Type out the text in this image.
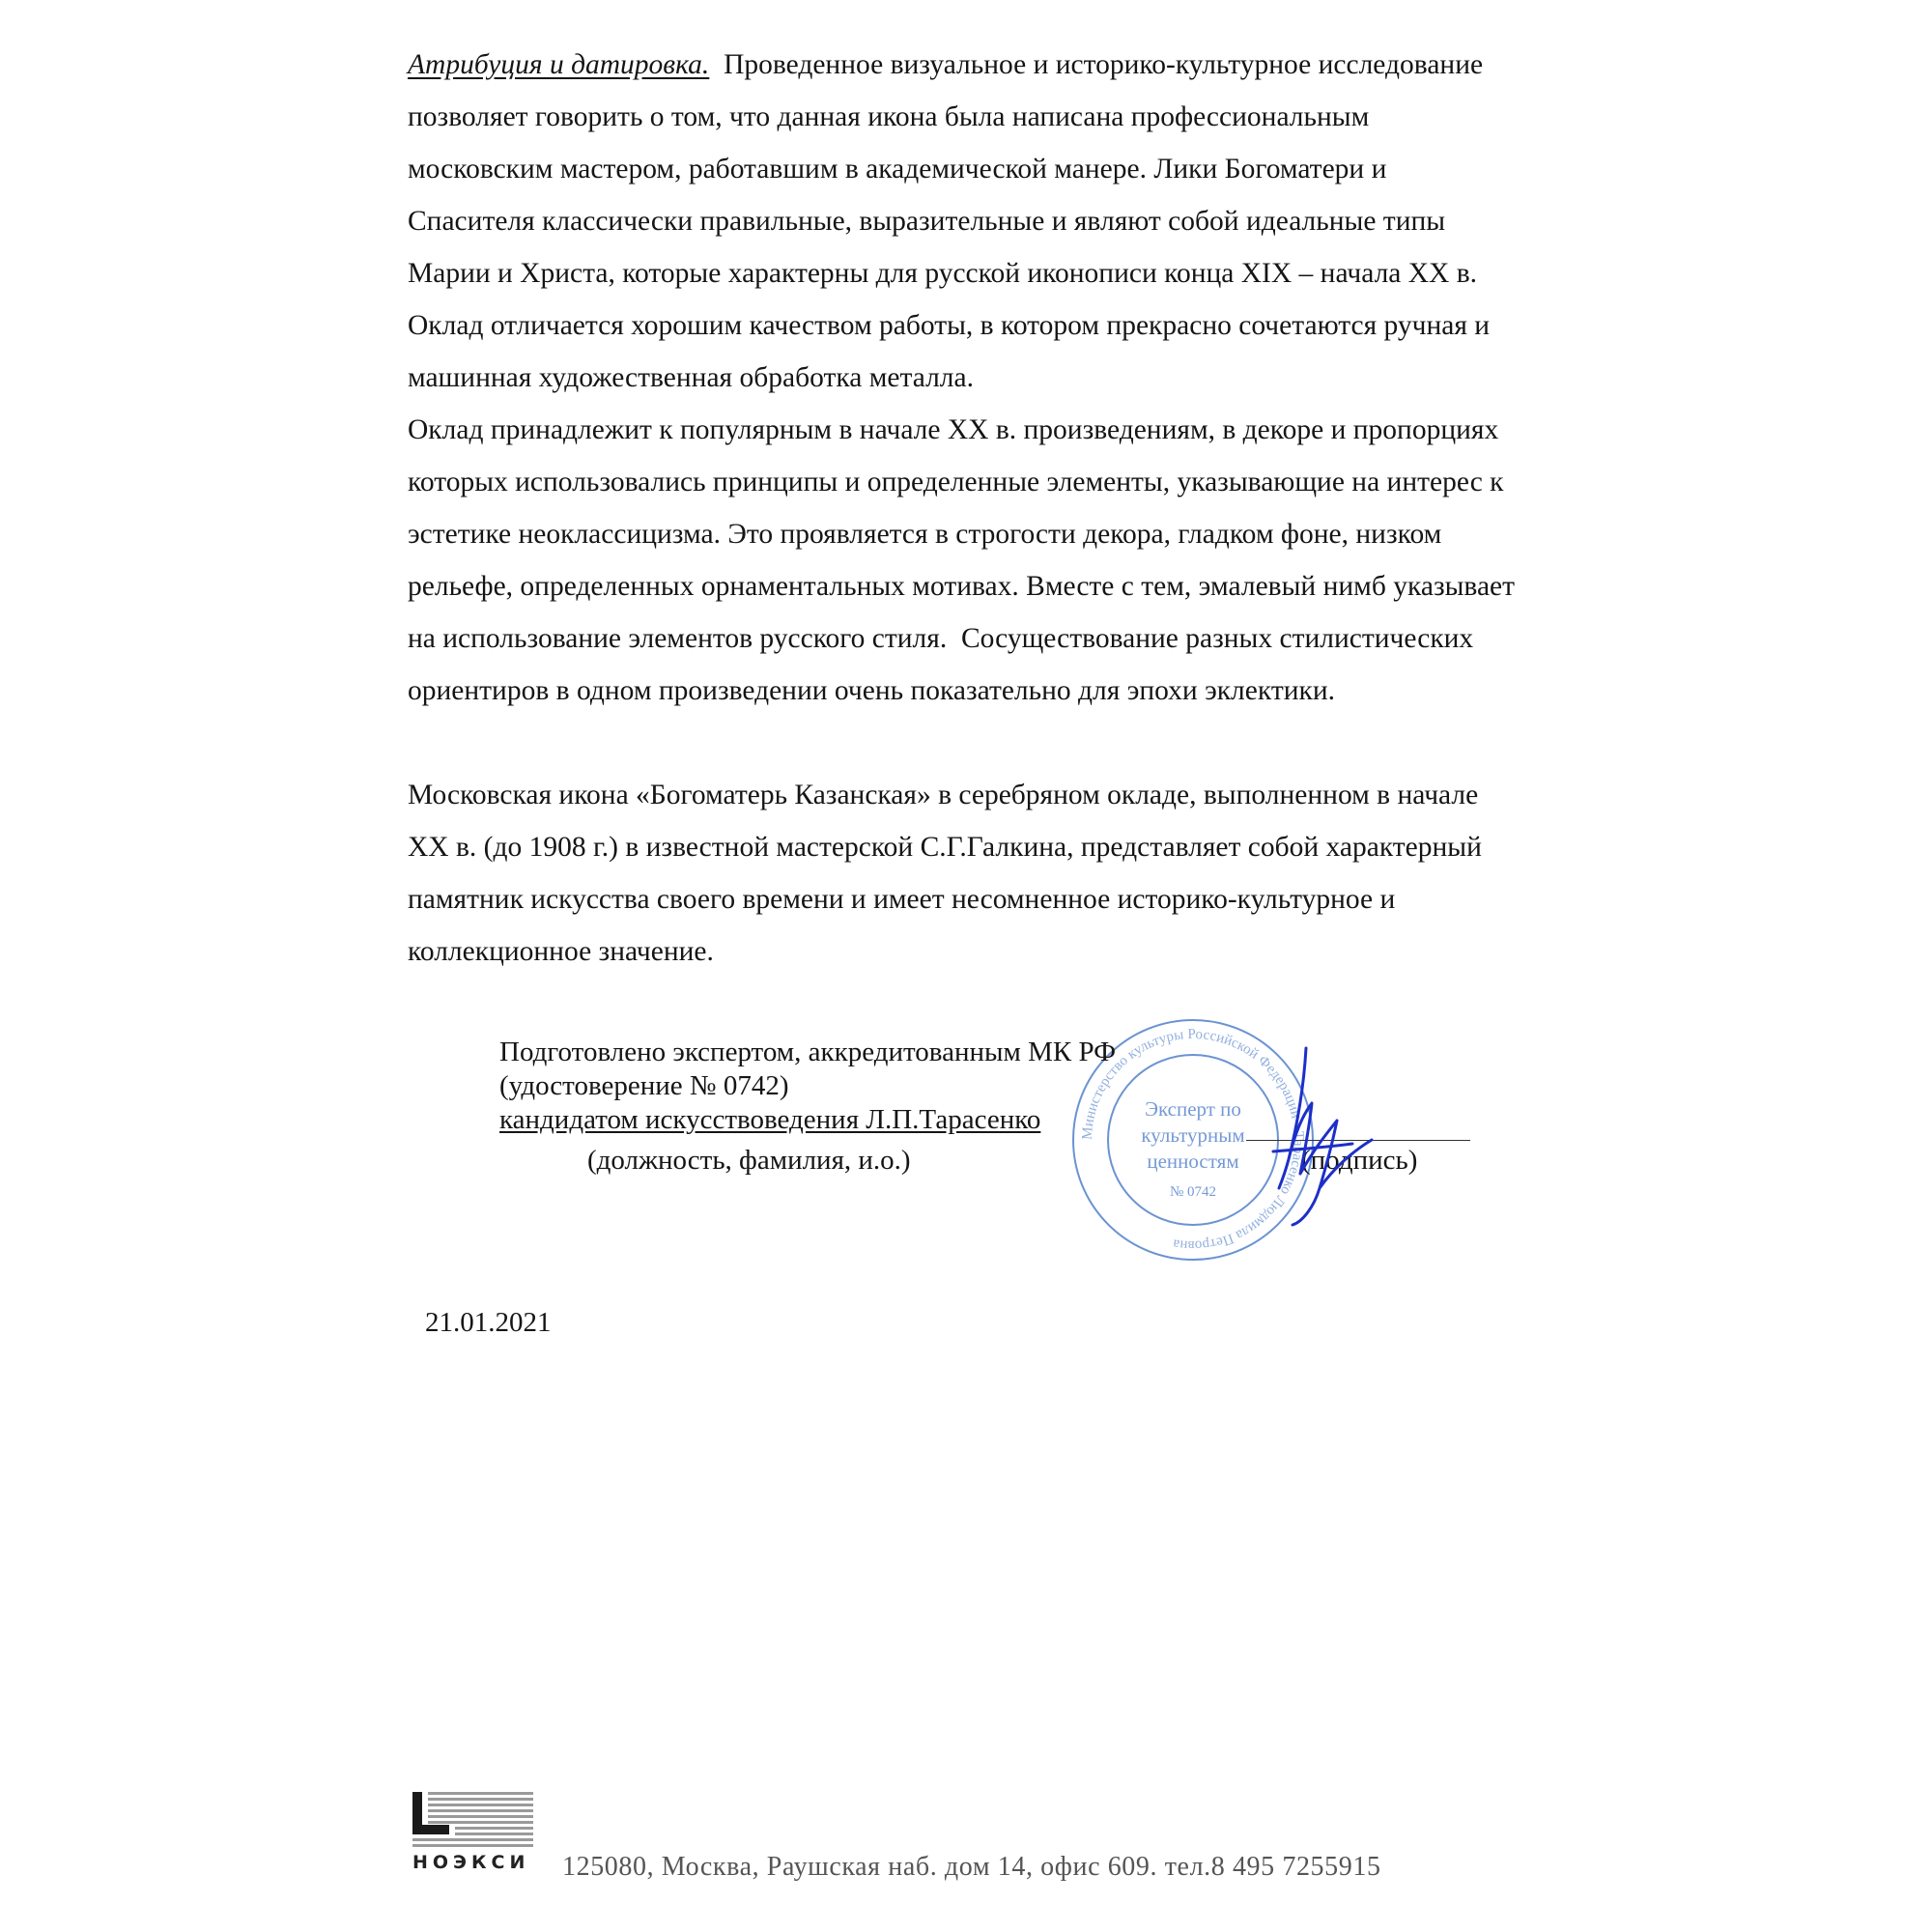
Атрибуция и датировка.  Проведенное визуальное и историко-культурное исследование
позволяет говорить о том, что данная икона была написана профессиональным
московским мастером, работавшим в академической манере. Лики Богоматери и
Спасителя классически правильные, выразительные и являют собой идеальные типы
Марии и Христа, которые характерны для русской иконописи конца XIX – начала XX в.
Оклад отличается хорошим качеством работы, в котором прекрасно сочетаются ручная и
машинная художественная обработка металла.
Оклад принадлежит к популярным в начале XX в. произведениям, в декоре и пропорциях
которых использовались принципы и определенные элементы, указывающие на интерес к
эстетике неоклассицизма. Это проявляется в строгости декора, гладком фоне, низком
рельефе, определенных орнаментальных мотивах. Вместе с тем, эмалевый нимб указывает
на использование элементов русского стиля.  Сосуществование разных стилистических
ориентиров в одном произведении очень показательно для эпохи эклектики.
Московская икона «Богоматерь Казанская» в серебряном окладе, выполненном в начале
XX в. (до 1908 г.) в известной мастерской С.Г.Галкина, представляет собой характерный
памятник искусства своего времени и имеет несомненное историко-культурное и
коллекционное значение.
Министерство культуры Российской Федерации • Тарасенко Людмила Петровна
Эксперт по
культурным
ценностям
№ 0742
Подготовлено экспертом, аккредитованным МК РФ
(удостоверение № 0742)
кандидатом искусствоведения Л.П.Тарасенко
(должность, фамилия, и.о.)	(подпись)
21.01.2021
НОЭКСИ 125080, Москва, Раушская наб. дом 14, офис 609. тел.8 495 7255915
